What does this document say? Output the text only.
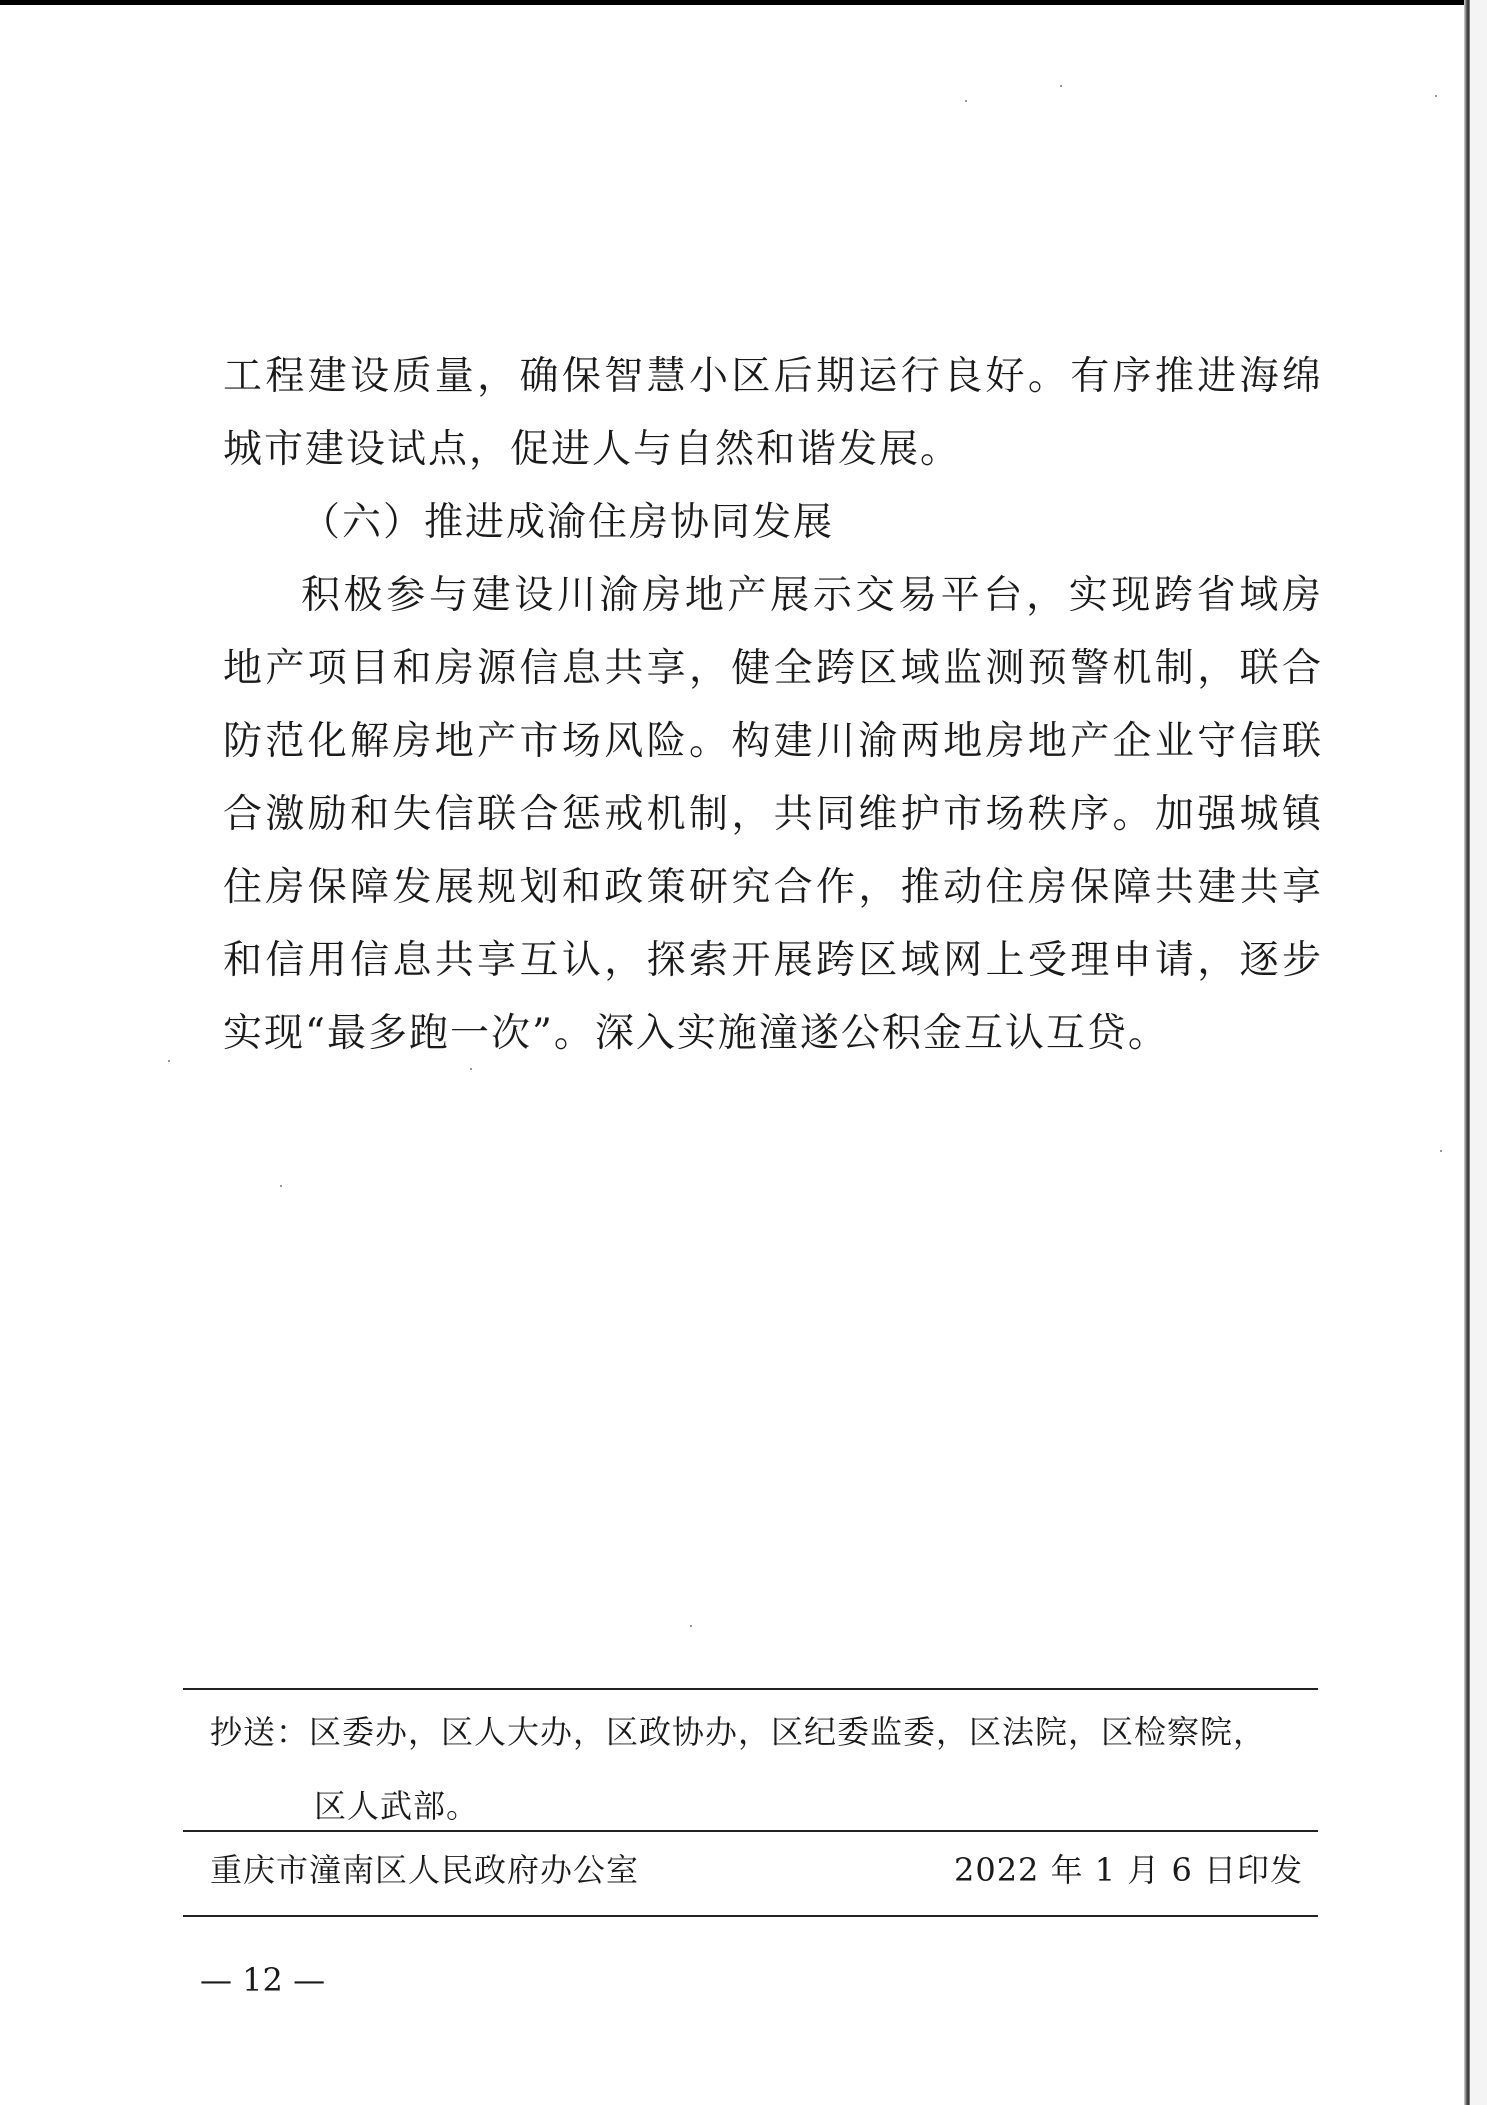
工程建设质量，确保智慧小区后期运行良好。有序推进海绵城市建设试点，促进人与自然和谐发展。

（六）推进成渝住房协同发展

积极参与建设川渝房地产展示交易平台，实现跨省域房地产项目和房源信息共享，健全跨区域监测预警机制，联合防范化解房地产市场风险。构建川渝两地房地产企业守信联合激励和失信联合惩戒机制，共同维护市场秩序。加强城镇住房保障发展规划和政策研究合作，推动住房保障共建共享和信用信息共享互认，探索开展跨区域网上受理申请，逐步实现“最多跑一次”。深入实施潼遂公积金互认互贷。

抄送：区委办，区人大办，区政协办，区纪委监委，区法院，区检察院，
区人武部。
重庆市潼南区人民政府办公室	2022 年 1 月 6 日印发
— 12 —
